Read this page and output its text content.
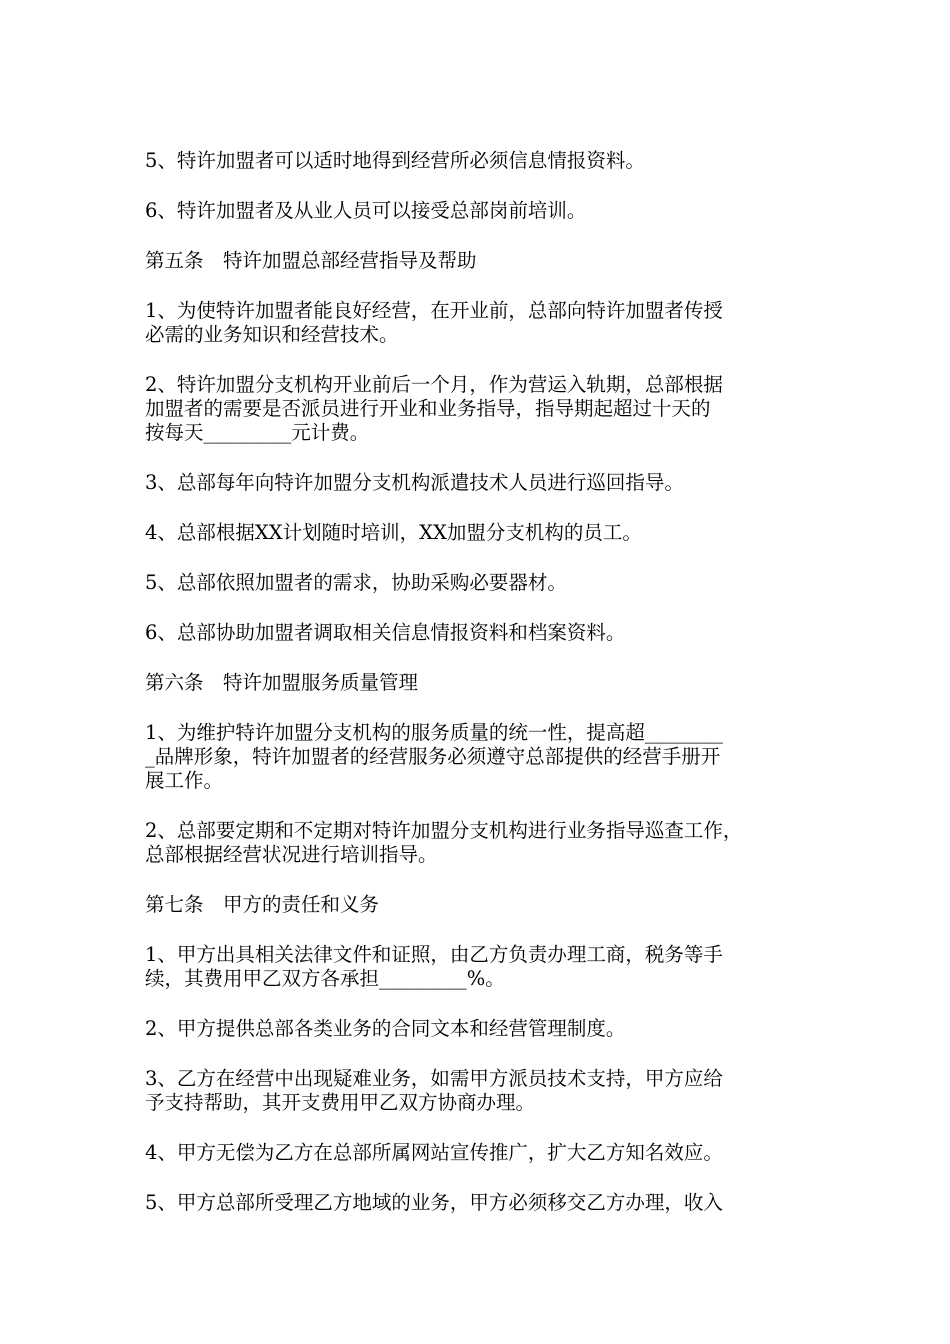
5、特许加盟者可以适时地得到经营所必须信息情报资料。

6、特许加盟者及从业人员可以接受总部岗前培训。

第五条　特许加盟总部经营指导及帮助

1、为使特许加盟者能良好经营，在开业前，总部向特许加盟者传授
必需的业务知识和经营技术。

2、特许加盟分支机构开业前后一个月，作为营运入轨期，总部根据
加盟者的需要是否派员进行开业和业务指导，指导期起超过十天的
按每天_________元计费。

3、总部每年向特许加盟分支机构派遣技术人员进行巡回指导。

4、总部根据XX计划随时培训，XX加盟分支机构的员工。

5、总部依照加盟者的需求，协助采购必要器材。

6、总部协助加盟者调取相关信息情报资料和档案资料。

第六条　特许加盟服务质量管理

1、为维护特许加盟分支机构的服务质量的统一性，提高超________
_品牌形象，特许加盟者的经营服务必须遵守总部提供的经营手册开
展工作。

2、总部要定期和不定期对特许加盟分支机构进行业务指导巡查工作，
总部根据经营状况进行培训指导。

第七条　甲方的责任和义务

1、甲方出具相关法律文件和证照，由乙方负责办理工商，税务等手
续，其费用甲乙双方各承担_________%。

2、甲方提供总部各类业务的合同文本和经营管理制度。

3、乙方在经营中出现疑难业务，如需甲方派员技术支持，甲方应给
予支持帮助，其开支费用甲乙双方协商办理。

4、甲方无偿为乙方在总部所属网站宣传推广，扩大乙方知名效应。

5、甲方总部所受理乙方地域的业务，甲方必须移交乙方办理，收入
